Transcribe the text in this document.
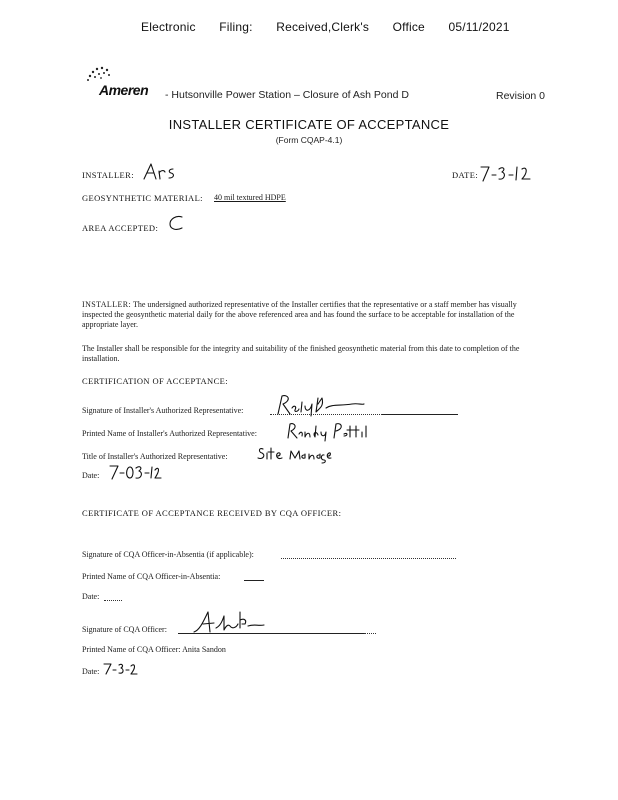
Electronic Filing: Received,Clerk's Office 05/11/2021
Ameren - Hutsonville Power Station – Closure of Ash Pond D	Revision 0
INSTALLER CERTIFICATE OF ACCEPTANCE
(Form CQAP-4.1)
INSTALLER:	DATE:
GEOSYNTHETIC MATERIAL: 40 mil textured HDPE
AREA ACCEPTED:
INSTALLER: The undersigned authorized representative of the Installer certifies that the representative or a staff member has visually inspected the geosynthetic material daily for the above referenced area and has found the surface to be acceptable for installation of the appropriate layer.
The Installer shall be responsible for the integrity and suitability of the finished geosynthetic material from this date to completion of the installation.
CERTIFICATION OF ACCEPTANCE:
Signature of Installer's Authorized Representative:
Printed Name of Installer's Authorized Representative:
Title of Installer's Authorized Representative:
Date:
CERTIFICATE OF ACCEPTANCE RECEIVED BY CQA OFFICER:
Signature of CQA Officer-in-Absentia (if applicable):
Printed Name of CQA Officer-in-Absentia:
Date:
Signature of CQA Officer:
Printed Name of CQA Officer: Anita Sandon
Date:
